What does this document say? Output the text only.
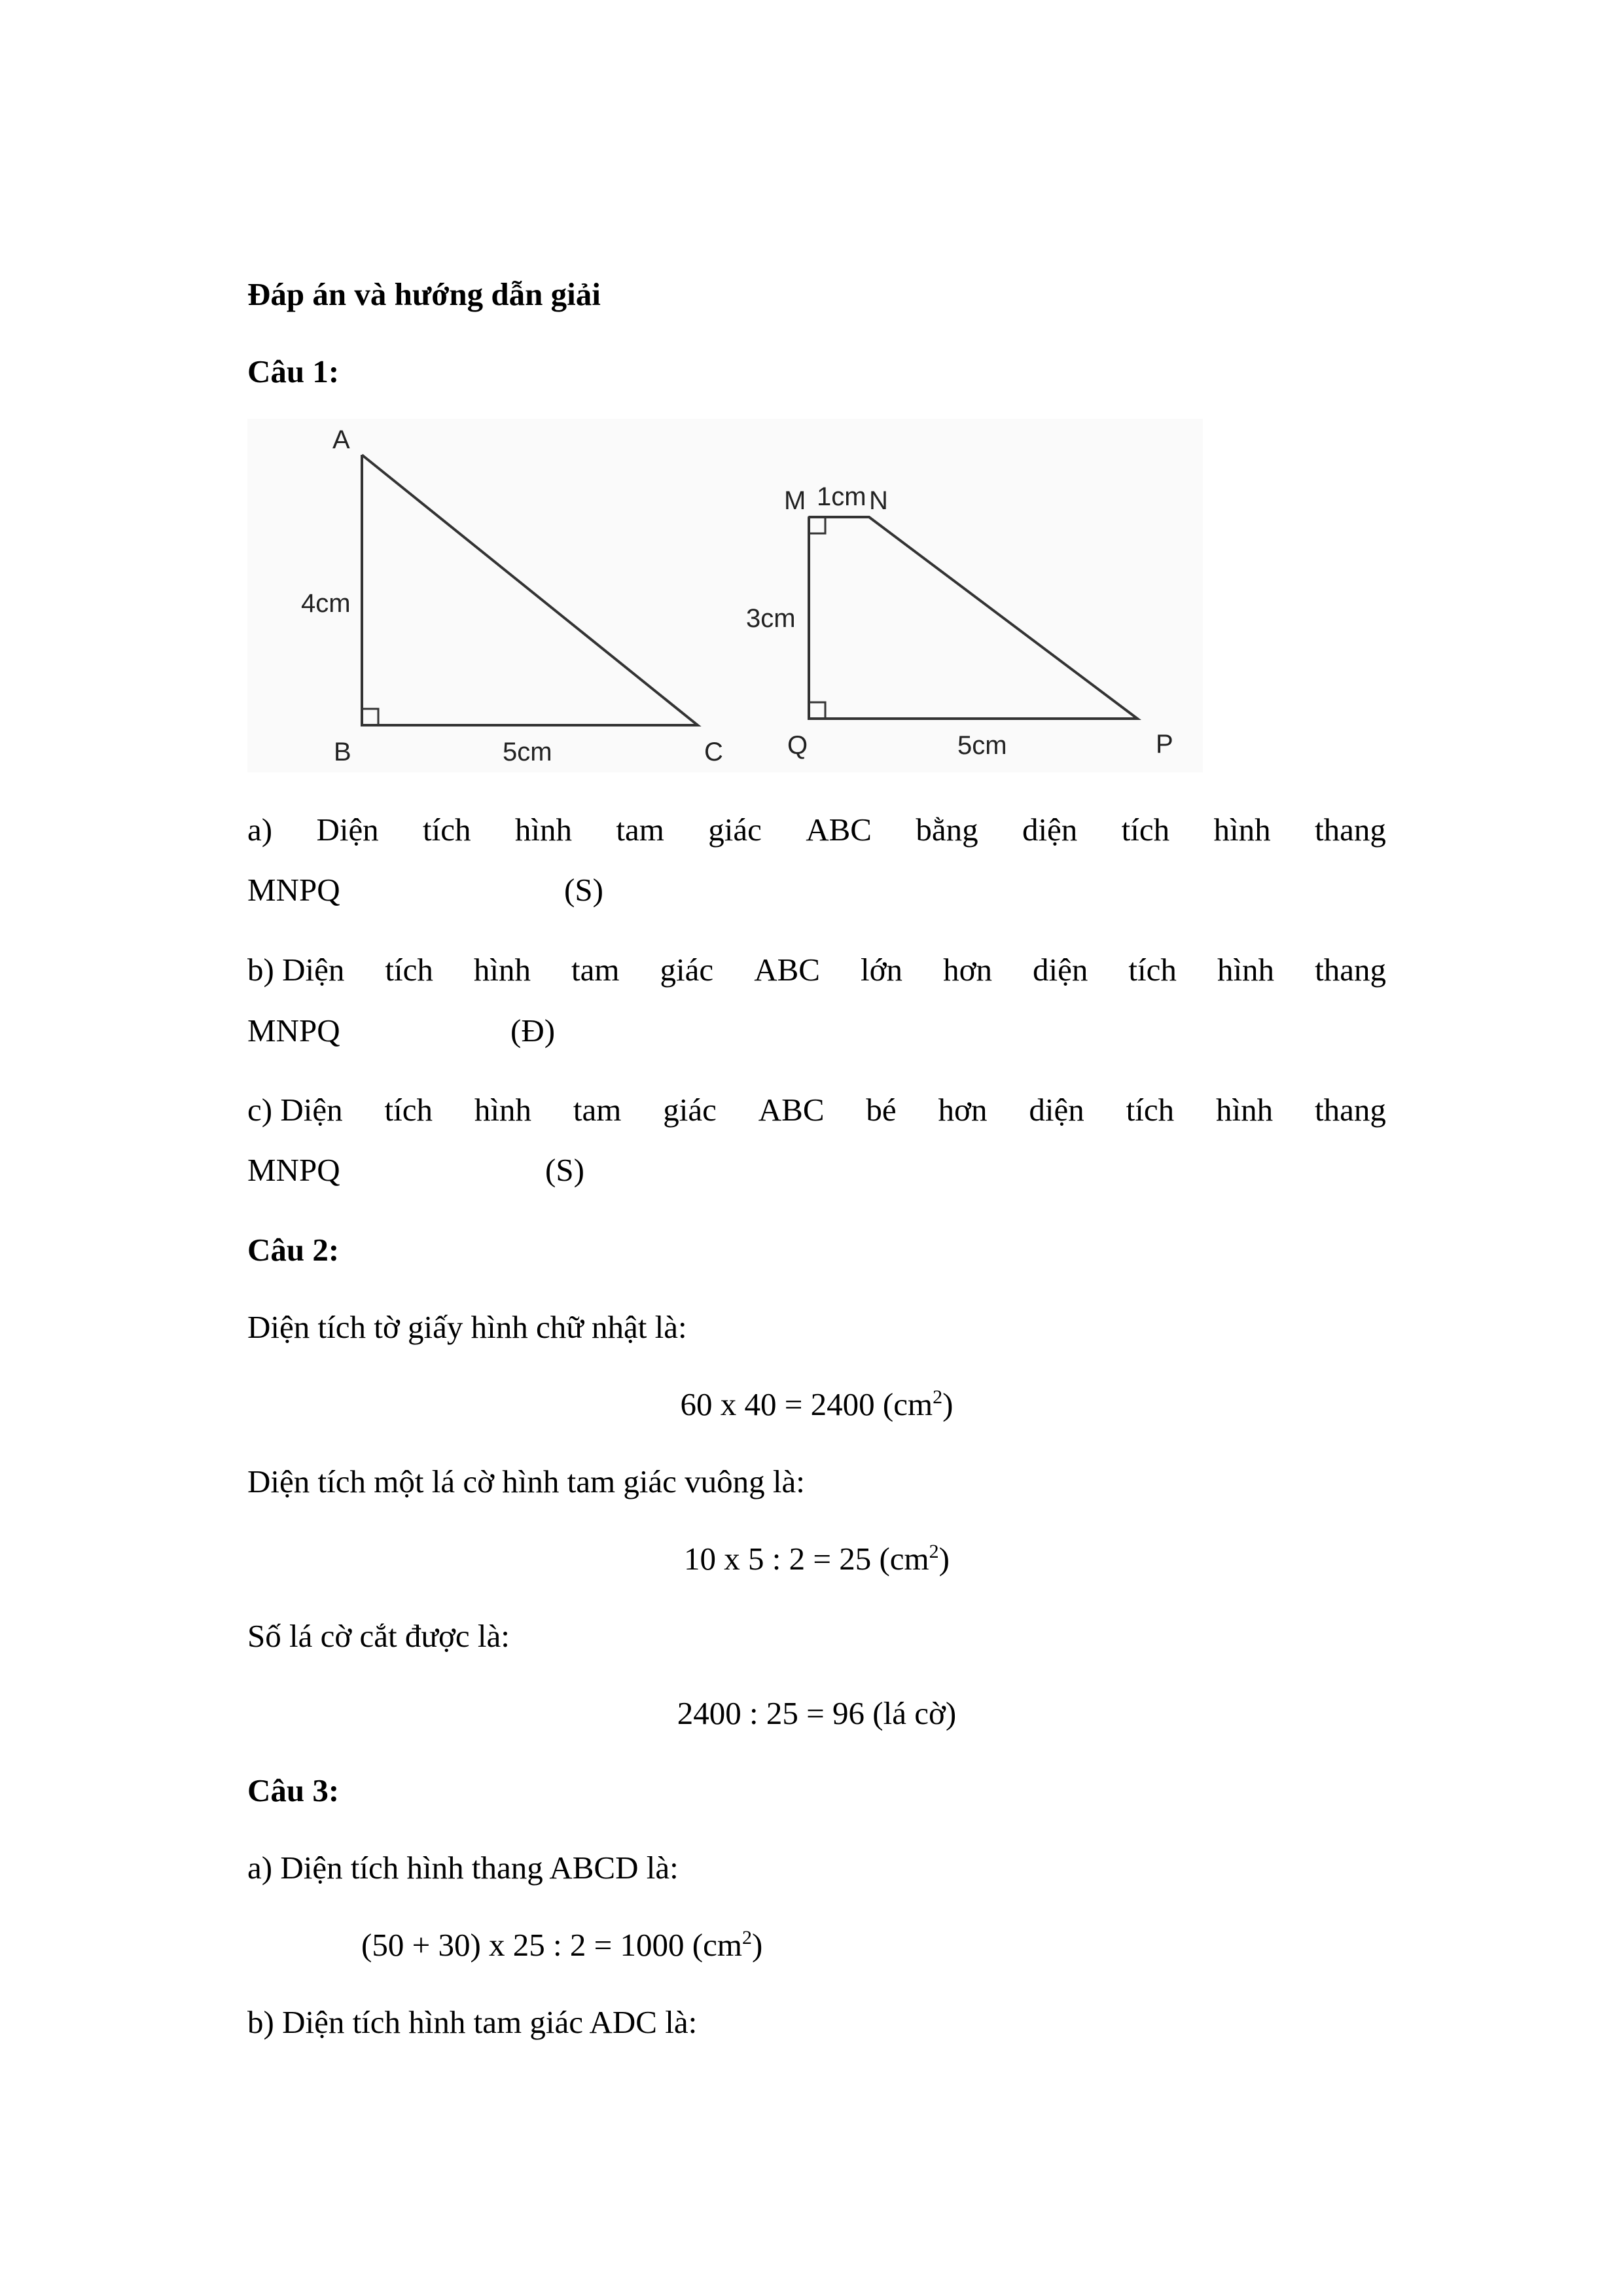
Đáp án và hướng dẫn giải
Câu 1:
A
B	C
4cm
5cm
M N
P
Q
1cm
3cm
5cm
a) Diện tích hình tam giác ABC bằng diện tích hình thang
MNPQ	(S)
b) Diện tích hình tam giác ABC lớn hơn diện tích hình thang
MNPQ	(Đ)
c) Diện tích hình tam giác ABC bé hơn diện tích hình thang
MNPQ	(S)
Câu 2:
Diện tích tờ giấy hình chữ nhật là:
60 x 40 = 2400 $(cm^2)$
Diện tích một lá cờ hình tam giác vuông là:
10 x 5 : 2 = 25 $(cm^2)$
Số lá cờ cắt được là:
2400 : 25 = 96 (lá cờ)
Câu 3:
a) Diện tích hình thang ABCD là:
(50 + 30) x 25 : 2 = 1000 $(cm^2)$
b) Diện tích hình tam giác ADC là:
